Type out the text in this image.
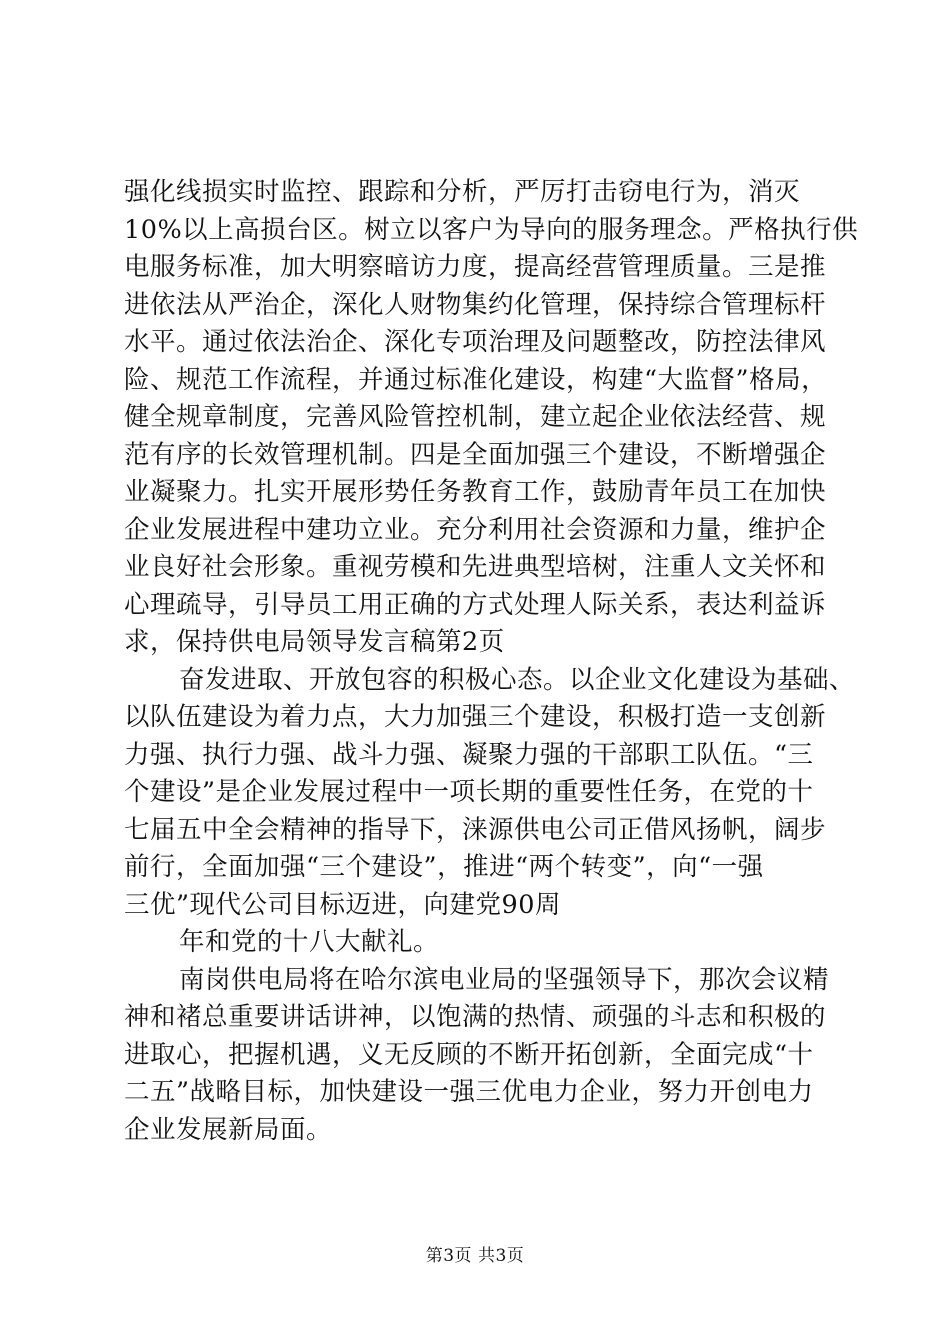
强化线损实时监控、跟踪和分析，严厉打击窃电行为，消灭
10%以上高损台区。树立以客户为导向的服务理念。严格执行供
电服务标准，加大明察暗访力度，提高经营管理质量。三是推
进依法从严治企，深化人财物集约化管理，保持综合管理标杆
水平。通过依法治企、深化专项治理及问题整改，防控法律风
险、规范工作流程，并通过标准化建设，构建“大监督”格局，
健全规章制度，完善风险管控机制，建立起企业依法经营、规
范有序的长效管理机制。四是全面加强三个建设，不断增强企
业凝聚力。扎实开展形势任务教育工作，鼓励青年员工在加快
企业发展进程中建功立业。充分利用社会资源和力量，维护企
业良好社会形象。重视劳模和先进典型培树，注重人文关怀和
心理疏导，引导员工用正确的方式处理人际关系，表达利益诉
求，保持供电局领导发言稿第2页
奋发进取、开放包容的积极心态。以企业文化建设为基础、
以队伍建设为着力点，大力加强三个建设，积极打造一支创新
力强、执行力强、战斗力强、凝聚力强的干部职工队伍。“三
个建设”是企业发展过程中一项长期的重要性任务，在党的十
七届五中全会精神的指导下，涞源供电公司正借风扬帆，阔步
前行，全面加强“三个建设”，推进“两个转变”，向“一强
三优”现代公司目标迈进，向建党90周
年和党的十八大献礼。
南岗供电局将在哈尔滨电业局的坚强领导下，那次会议精
神和褚总重要讲话讲神，以饱满的热情、顽强的斗志和积极的
进取心，把握机遇，义无反顾的不断开拓创新，全面完成“十
二五”战略目标，加快建设一强三优电力企业，努力开创电力
企业发展新局面。
第3页 共3页
